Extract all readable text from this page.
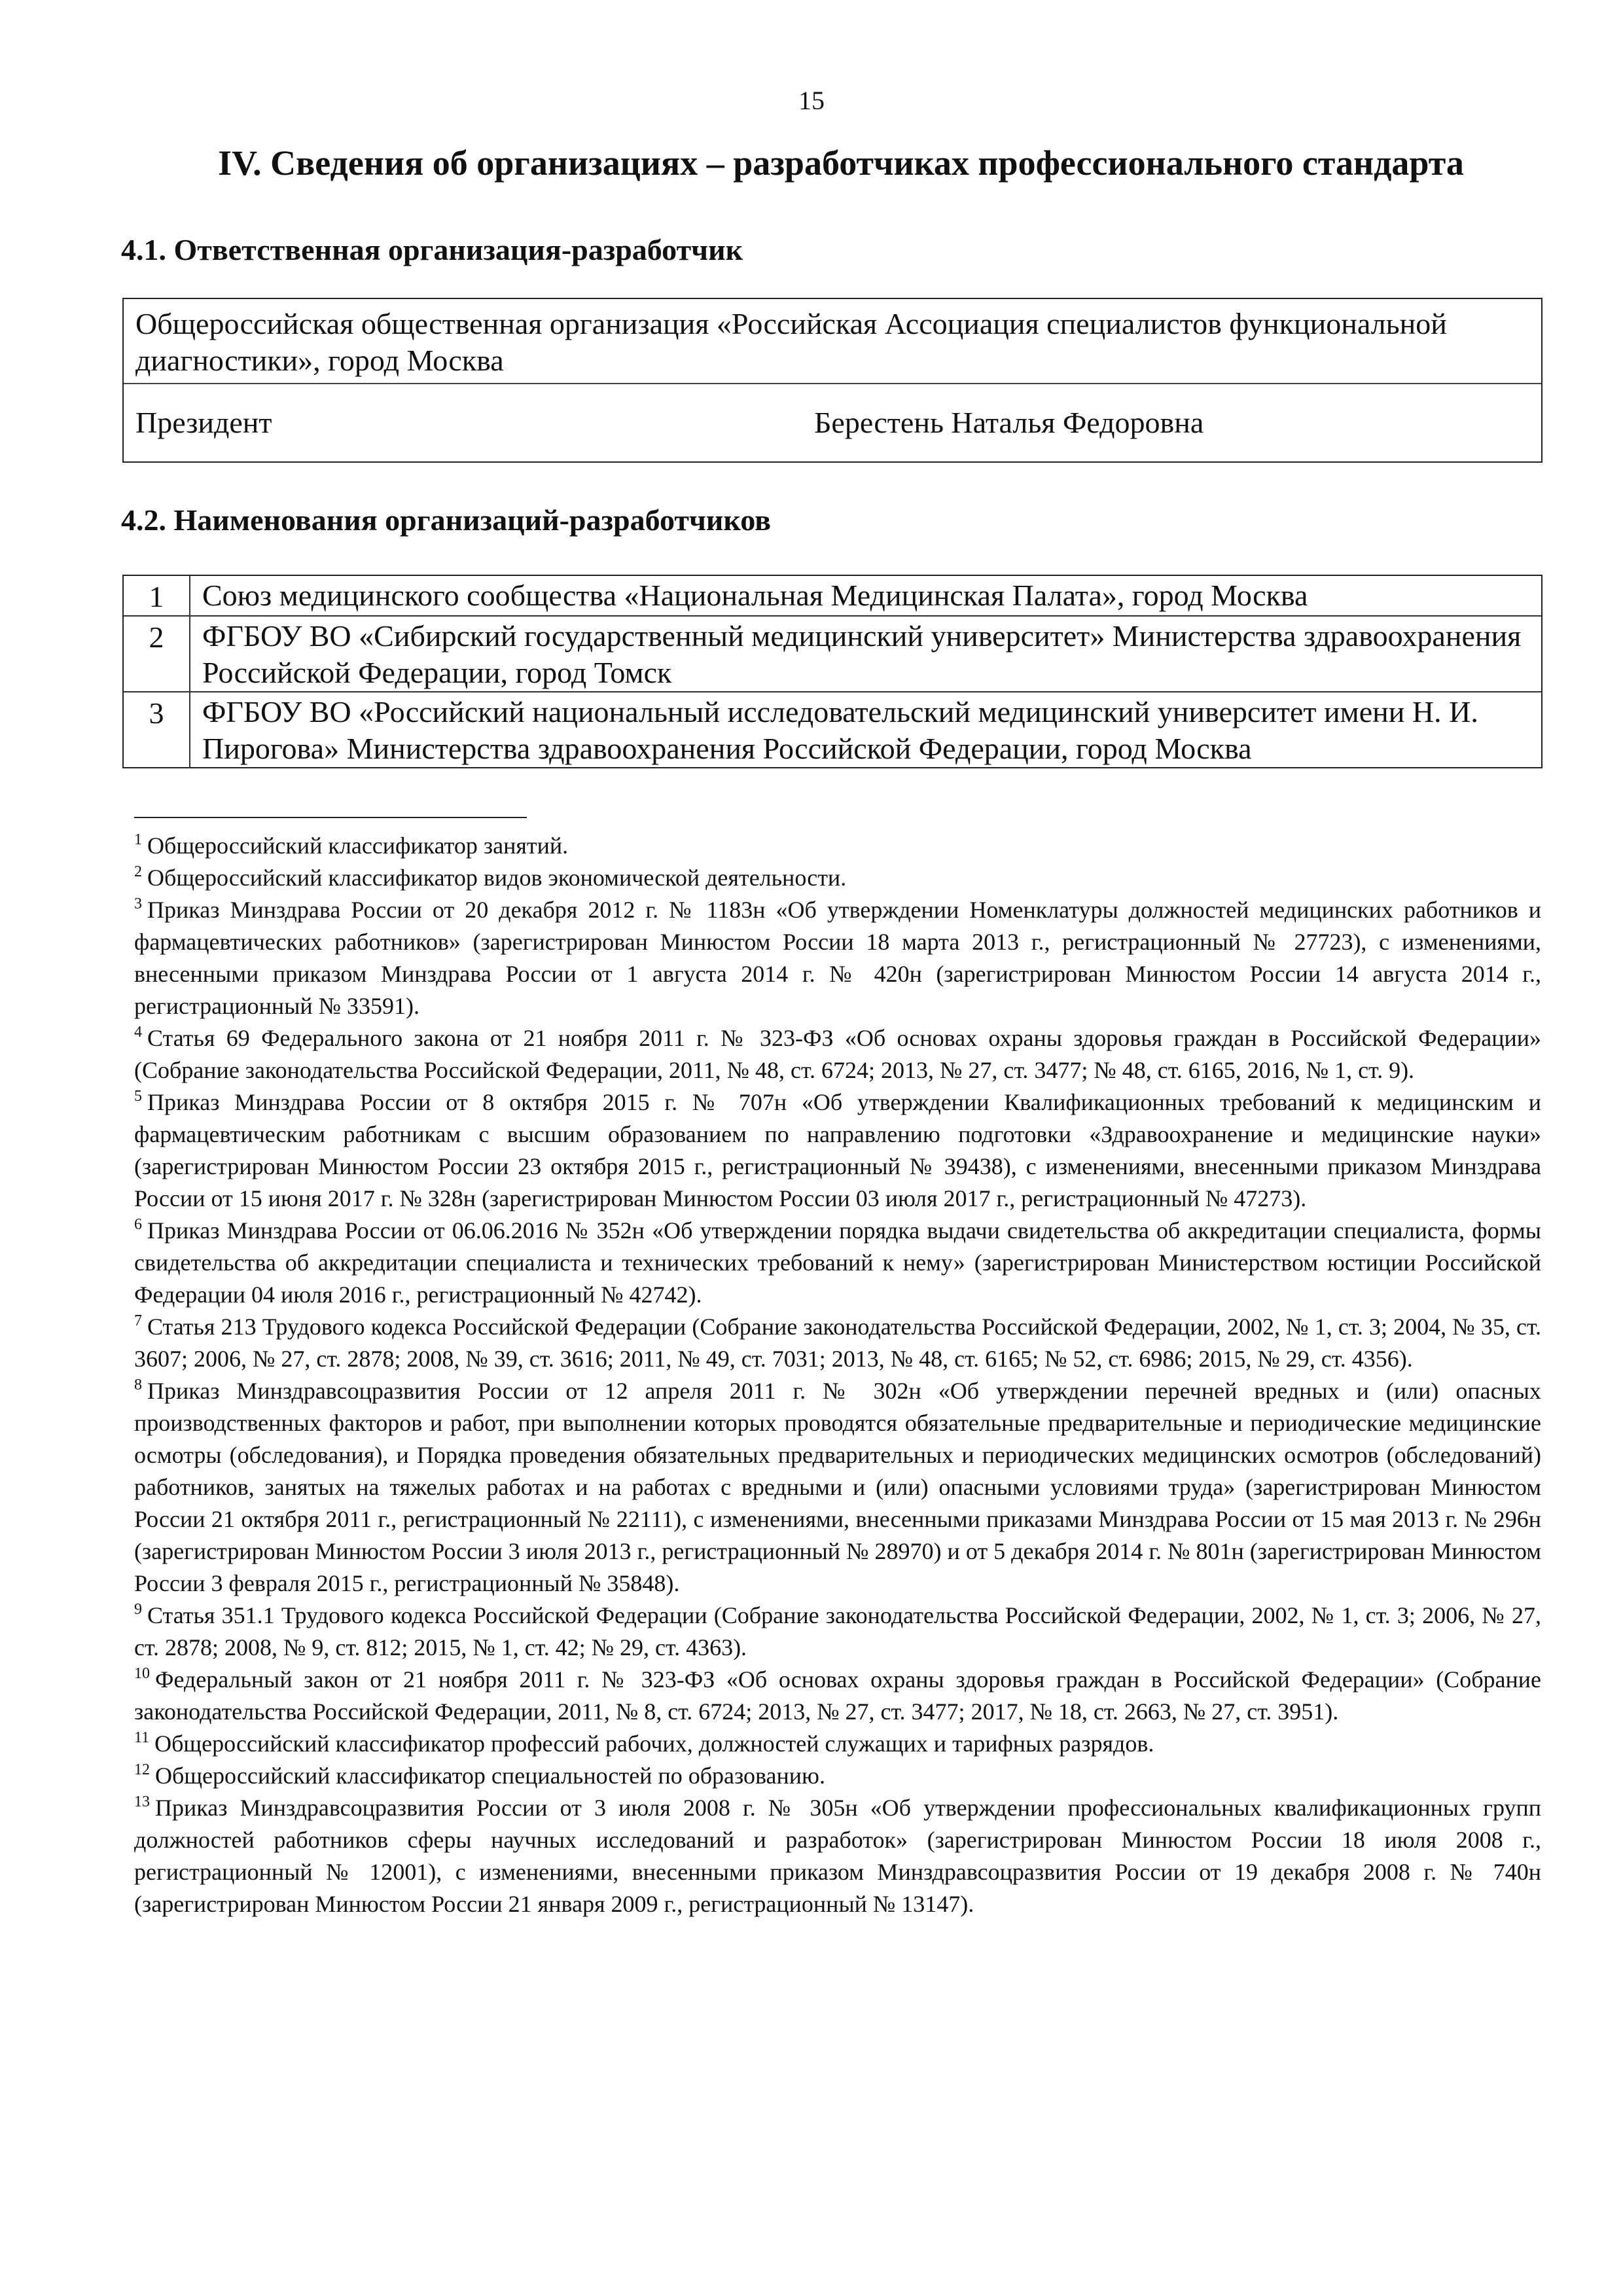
15
IV. Сведения об организациях – разработчиках профессионального стандарта
4.1. Ответственная организация-разработчик
Общероссийская общественная организация «Российская Ассоциация специалистов функциональной диагностики», город Москва
Президент	Берестень Наталья Федоровна
4.2. Наименования организаций-разработчиков
1	Союз медицинского сообщества «Национальная Медицинская Палата», город Москва
2	ФГБОУ ВО «Сибирский государственный медицинский университет» Министерства здравоохранения Российской Федерации, город Томск
3	ФГБОУ ВО «Российский национальный исследовательский медицинский университет имени Н. И. Пирогова» Министерства здравоохранения Российской Федерации, город Москва

$^1$ Общероссийский классификатор занятий.

$^2$ Общероссийский классификатор видов экономической деятельности.

$^3$ Приказ Минздрава России от 20 декабря 2012 г. № 1183н «Об утверждении Номенклатуры должностей медицинских работников и фармацевтических работников» (зарегистрирован Минюстом России 18 марта 2013 г., регистрационный № 27723), с изменениями, внесенными приказом Минздрава России от 1 августа 2014 г. № 420н (зарегистрирован Минюстом России 14 августа 2014 г., регистрационный № 33591).

$^4$ Статья 69 Федерального закона от 21 ноября 2011 г. № 323-ФЗ «Об основах охраны здоровья граждан в Российской Федерации» (Собрание законодательства Российской Федерации, 2011, № 48, ст. 6724; 2013, № 27, ст. 3477; № 48, ст. 6165, 2016, № 1, ст. 9).

$^5$ Приказ Минздрава России от 8 октября 2015 г. № 707н «Об утверждении Квалификационных требований к медицинским и фармацевтическим работникам с высшим образованием по направлению подготовки «Здравоохранение и медицинские науки» (зарегистрирован Минюстом России 23 октября 2015 г., регистрационный № 39438), с изменениями, внесенными приказом Минздрава России от 15 июня 2017 г. № 328н (зарегистрирован Минюстом России 03 июля 2017 г., регистрационный № 47273).

$^6$ Приказ Минздрава России от 06.06.2016 № 352н «Об утверждении порядка выдачи свидетельства об аккредитации специалиста, формы свидетельства об аккредитации специалиста и технических требований к нему» (зарегистрирован Министерством юстиции Российской Федерации 04 июля 2016 г., регистрационный № 42742).

$^7$ Статья 213 Трудового кодекса Российской Федерации (Собрание законодательства Российской Федерации, 2002, № 1, ст. 3; 2004, № 35, ст. 3607; 2006, № 27, ст. 2878; 2008, № 39, ст. 3616; 2011, № 49, ст. 7031; 2013, № 48, ст. 6165; № 52, ст. 6986; 2015, № 29, ст. 4356).

$^8$ Приказ Минздравсоцразвития России от 12 апреля 2011 г. № 302н «Об утверждении перечней вредных и (или) опасных производственных факторов и работ, при выполнении которых проводятся обязательные предварительные и периодические медицинские осмотры (обследования), и Порядка проведения обязательных предварительных и периодических медицинских осмотров (обследований) работников, занятых на тяжелых работах и на работах с вредными и (или) опасными условиями труда» (зарегистрирован Минюстом России 21 октября 2011 г., регистрационный № 22111), с изменениями, внесенными приказами Минздрава России от 15 мая 2013 г. № 296н (зарегистрирован Минюстом России 3 июля 2013 г., регистрационный № 28970) и от 5 декабря 2014 г. № 801н (зарегистрирован Минюстом России 3 февраля 2015 г., регистрационный № 35848).

$^9$ Статья 351.1 Трудового кодекса Российской Федерации (Собрание законодательства Российской Федерации, 2002, № 1, ст. 3; 2006, № 27, ст. 2878; 2008, № 9, ст. 812; 2015, № 1, ст. 42; № 29, ст. 4363).

$^{10}$ Федеральный закон от 21 ноября 2011 г. № 323-ФЗ «Об основах охраны здоровья граждан в Российской Федерации» (Собрание законодательства Российской Федерации, 2011, № 8, ст. 6724; 2013, № 27, ст. 3477; 2017, № 18, ст. 2663, № 27, ст. 3951).

$^{11}$ Общероссийский классификатор профессий рабочих, должностей служащих и тарифных разрядов.

$^{12}$ Общероссийский классификатор специальностей по образованию.

$^{13}$ Приказ Минздравсоцразвития России от 3 июля 2008 г. № 305н «Об утверждении профессиональных квалификационных групп должностей работников сферы научных исследований и разработок» (зарегистрирован Минюстом России 18 июля 2008 г., регистрационный № 12001), с изменениями, внесенными приказом Минздравсоцразвития России от 19 декабря 2008 г. № 740н (зарегистрирован Минюстом России 21 января 2009 г., регистрационный № 13147).
